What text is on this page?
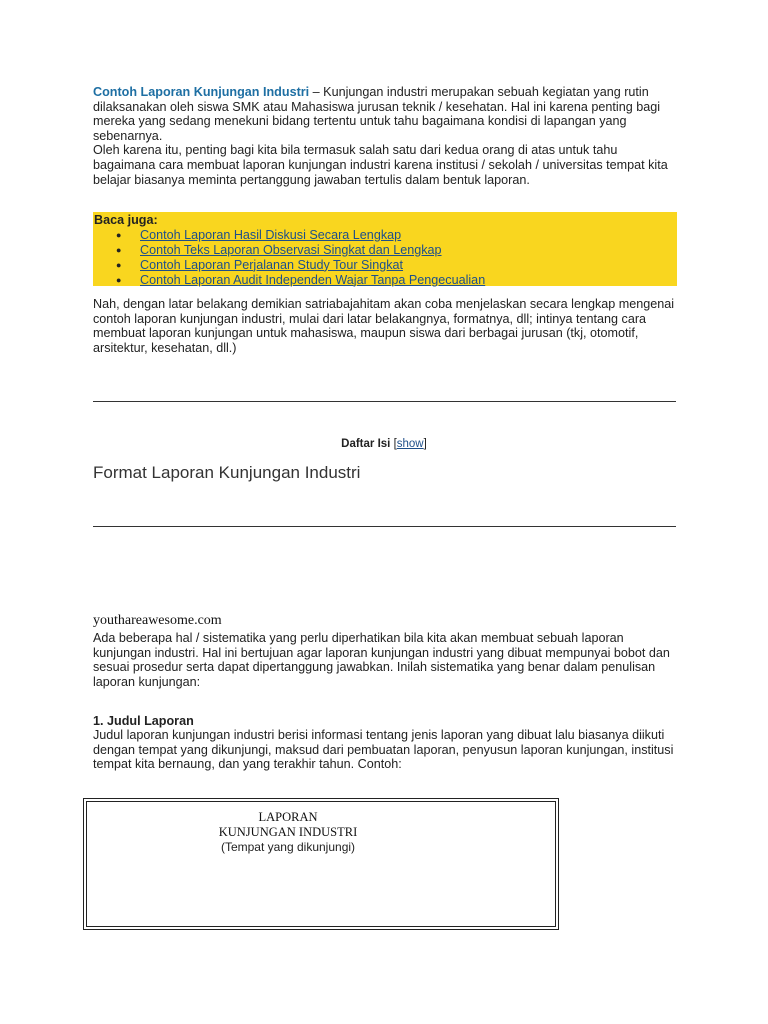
Contoh Laporan Kunjungan Industri – Kunjungan industri merupakan sebuah kegiatan yang rutin dilaksanakan oleh siswa SMK atau Mahasiswa jurusan teknik / kesehatan. Hal ini karena penting bagi mereka yang sedang menekuni bidang tertentu untuk tahu bagaimana kondisi di lapangan yang sebenarnya.

Oleh karena itu, penting bagi kita bila termasuk salah satu dari kedua orang di atas untuk tahu bagaimana cara membuat laporan kunjungan industri karena institusi / sekolah / universitas tempat kita belajar biasanya meminta pertanggung jawaban tertulis dalam bentuk laporan.

Baca juga:
● Contoh Laporan Hasil Diskusi Secara Lengkap
● Contoh Teks Laporan Observasi Singkat dan Lengkap
● Contoh Laporan Perjalanan Study Tour Singkat
● Contoh Laporan Audit Independen Wajar Tanpa Pengecualian

Nah, dengan latar belakang demikian satriabajahitam akan coba menjelaskan secara lengkap mengenai contoh laporan kunjungan industri, mulai dari latar belakangnya, formatnya, dll; intinya tentang cara membuat laporan kunjungan untuk mahasiswa, maupun siswa dari berbagai jurusan (tkj, otomotif, arsitektur, kesehatan, dll.)

Daftar Isi [show]
Format Laporan Kunjungan Industri
youthareawesome.com

Ada beberapa hal / sistematika yang perlu diperhatikan bila kita akan membuat sebuah laporan kunjungan industri. Hal ini bertujuan agar laporan kunjungan industri yang dibuat mempunyai bobot dan sesuai prosedur serta dapat dipertanggung jawabkan. Inilah sistematika yang benar dalam penulisan laporan kunjungan:

1. Judul Laporan

Judul laporan kunjungan industri berisi informasi tentang jenis laporan yang dibuat lalu biasanya diikuti dengan tempat yang dikunjungi, maksud dari pembuatan laporan, penyusun laporan kunjungan, institusi tempat kita bernaung, dan yang terakhir tahun. Contoh:

LAPORAN
KUNJUNGAN INDUSTRI
(Tempat yang dikunjungi)
